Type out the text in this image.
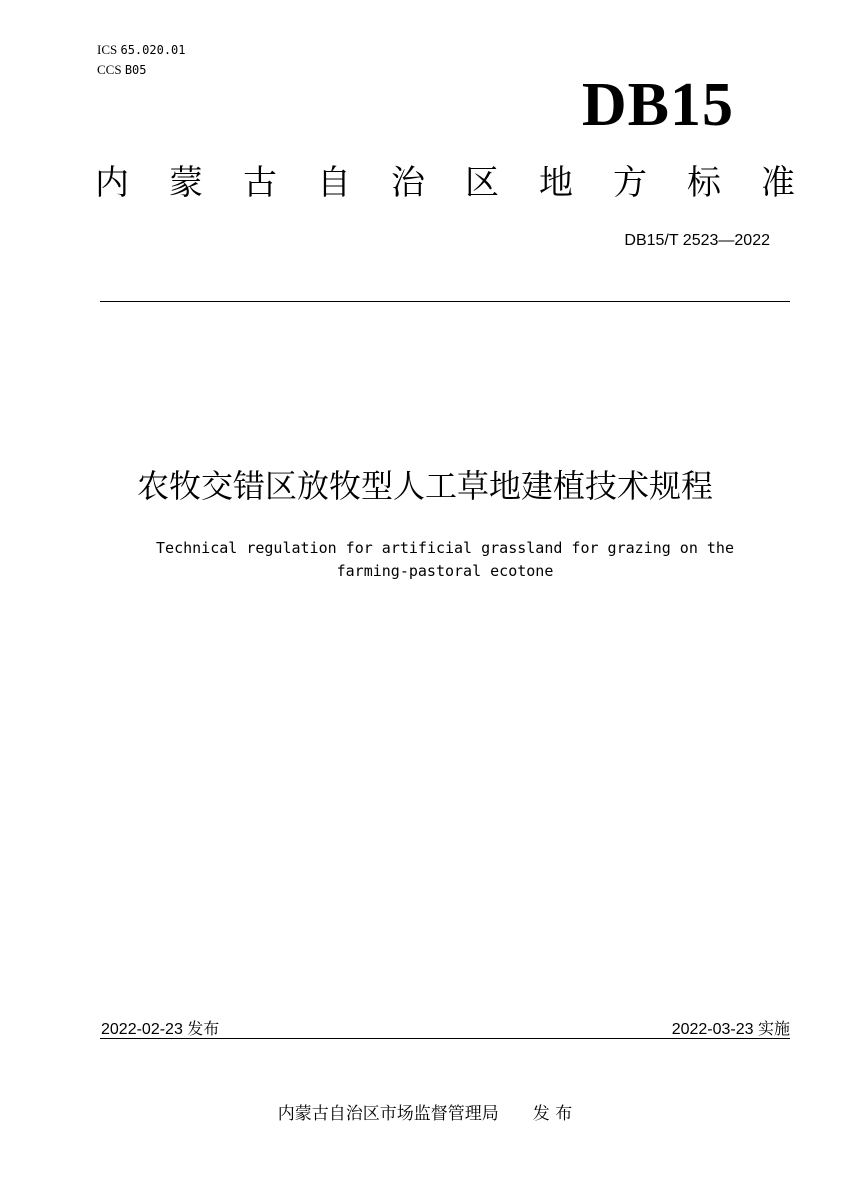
ICS 65.020.01
CCS B05
DB15
内 蒙 古 自 治 区 地 方 标 准
DB15/T 2523—2022
农牧交错区放牧型人工草地建植技术规程
Technical regulation for artificial grassland for grazing on the
farming-pastoral ecotone
2022-02-23 发布	2022-03-23 实施
内蒙古自治区市场监督管理局 发 布
